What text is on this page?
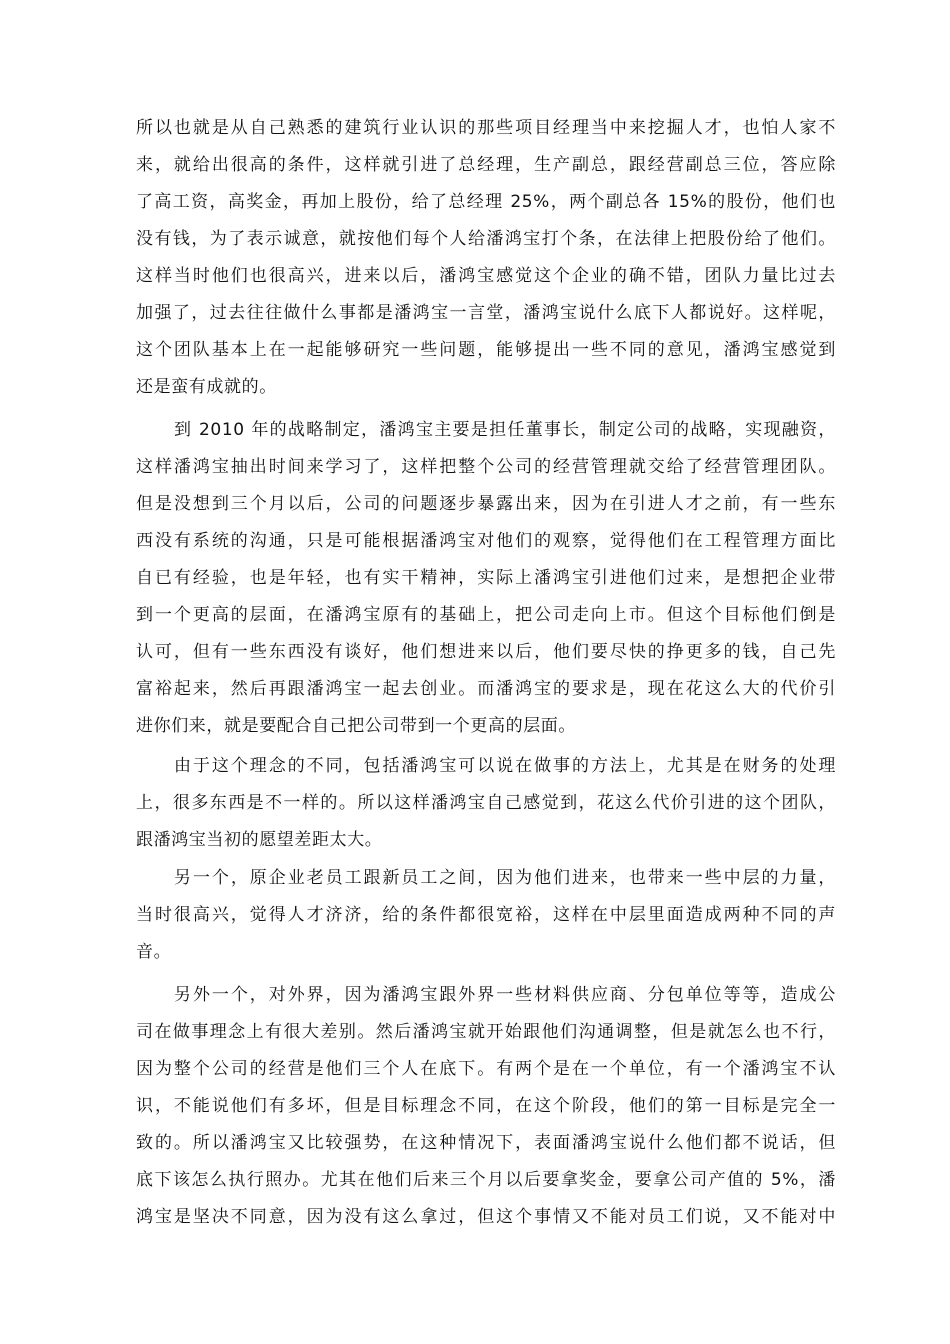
所以也就是从自己熟悉的建筑行业认识的那些项目经理当中来挖掘人才，也怕人家不
来，就给出很高的条件，这样就引进了总经理，生产副总，跟经营副总三位，答应除
了高工资，高奖金，再加上股份，给了总经理 25%，两个副总各 15%的股份，他们也
没有钱，为了表示诚意，就按他们每个人给潘鸿宝打个条，在法律上把股份给了他们。
这样当时他们也很高兴，进来以后，潘鸿宝感觉这个企业的确不错，团队力量比过去
加强了，过去往往做什么事都是潘鸿宝一言堂，潘鸿宝说什么底下人都说好。这样呢，
这个团队基本上在一起能够研究一些问题，能够提出一些不同的意见，潘鸿宝感觉到
还是蛮有成就的。
到 2010 年的战略制定，潘鸿宝主要是担任董事长，制定公司的战略，实现融资，
这样潘鸿宝抽出时间来学习了，这样把整个公司的经营管理就交给了经营管理团队。
但是没想到三个月以后，公司的问题逐步暴露出来，因为在引进人才之前，有一些东
西没有系统的沟通，只是可能根据潘鸿宝对他们的观察，觉得他们在工程管理方面比
自已有经验，也是年轻，也有实干精神，实际上潘鸿宝引进他们过来，是想把企业带
到一个更高的层面，在潘鸿宝原有的基础上，把公司走向上市。但这个目标他们倒是
认可，但有一些东西没有谈好，他们想进来以后，他们要尽快的挣更多的钱，自己先
富裕起来，然后再跟潘鸿宝一起去创业。而潘鸿宝的要求是，现在花这么大的代价引
进你们来，就是要配合自己把公司带到一个更高的层面。
由于这个理念的不同，包括潘鸿宝可以说在做事的方法上，尤其是在财务的处理
上，很多东西是不一样的。所以这样潘鸿宝自己感觉到，花这么代价引进的这个团队，
跟潘鸿宝当初的愿望差距太大。
另一个，原企业老员工跟新员工之间，因为他们进来，也带来一些中层的力量，
当时很高兴，觉得人才济济，给的条件都很宽裕，这样在中层里面造成两种不同的声
音。
另外一个，对外界，因为潘鸿宝跟外界一些材料供应商、分包单位等等，造成公
司在做事理念上有很大差别。然后潘鸿宝就开始跟他们沟通调整，但是就怎么也不行，
因为整个公司的经营是他们三个人在底下。有两个是在一个单位，有一个潘鸿宝不认
识，不能说他们有多坏，但是目标理念不同，在这个阶段，他们的第一目标是完全一
致的。所以潘鸿宝又比较强势，在这种情况下，表面潘鸿宝说什么他们都不说话，但
底下该怎么执行照办。尤其在他们后来三个月以后要拿奖金，要拿公司产值的 5%，潘
鸿宝是坚决不同意，因为没有这么拿过，但这个事情又不能对员工们说，又不能对中
